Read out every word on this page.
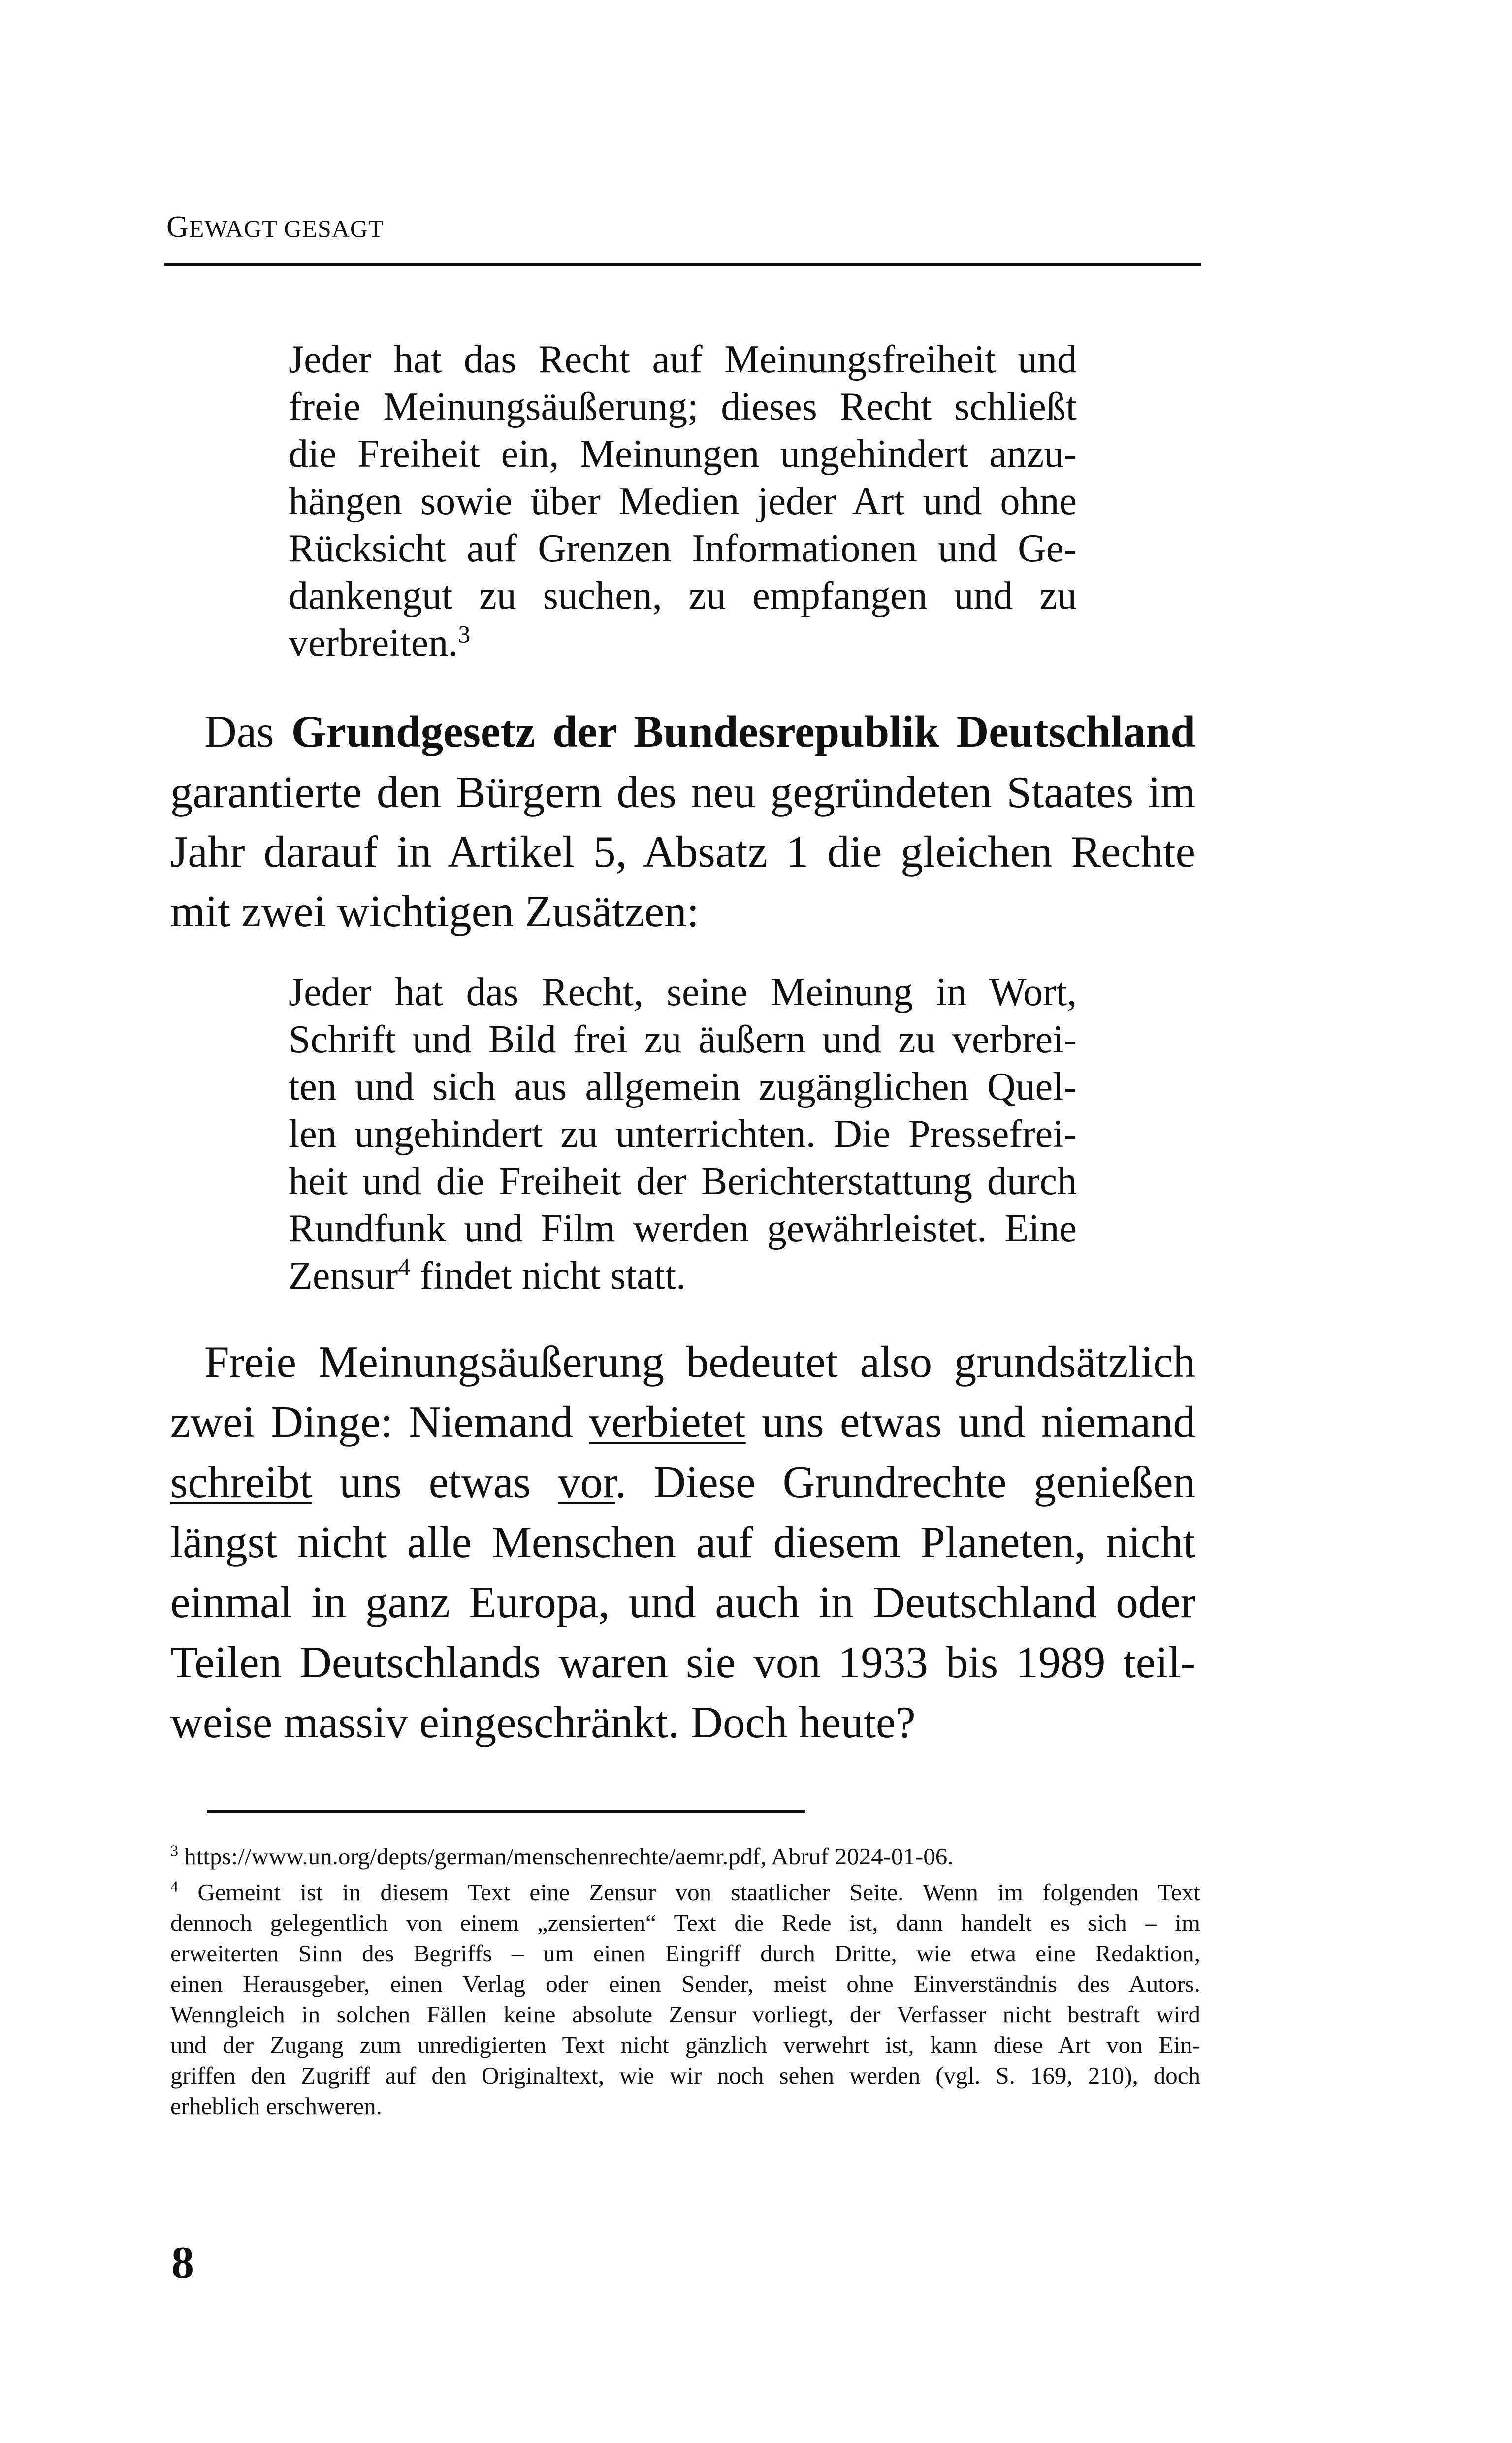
GEWAGT GESAGT
Jeder hat das Recht auf Meinungsfreiheit und
freie Meinungsäußerung; dieses Recht schließt
die Freiheit ein, Meinungen ungehindert anzu-
hängen sowie über Medien jeder Art und ohne
Rücksicht auf Grenzen Informationen und Ge-
dankengut zu suchen, zu empfangen und zu
verbreiten.$^3$
Das Grundgesetz der Bundesrepublik Deutschland
garantierte den Bürgern des neu gegründeten Staates im
Jahr darauf in Artikel 5, Absatz 1 die gleichen Rechte
mit zwei wichtigen Zusätzen:
Jeder hat das Recht, seine Meinung in Wort,
Schrift und Bild frei zu äußern und zu verbrei-
ten und sich aus allgemein zugänglichen Quel-
len ungehindert zu unterrichten. Die Pressefrei-
heit und die Freiheit der Berichterstattung durch
Rundfunk und Film werden gewährleistet. Eine
Zensur$^4$ findet nicht statt.
Freie Meinungsäußerung bedeutet also grundsätzlich
zwei Dinge: Niemand verbietet uns etwas und niemand
schreibt uns etwas vor. Diese Grundrechte genießen
längst nicht alle Menschen auf diesem Planeten, nicht
einmal in ganz Europa, und auch in Deutschland oder
Teilen Deutschlands waren sie von 1933 bis 1989 teil-
weise massiv eingeschränkt. Doch heute?
$^3$ https://www.un.org/depts/german/menschenrechte/aemr.pdf, Abruf 2024-01-06.
$^4$ Gemeint ist in diesem Text eine Zensur von staatlicher Seite. Wenn im folgenden Text
dennoch gelegentlich von einem „zensierten“ Text die Rede ist, dann handelt es sich – im
erweiterten Sinn des Begriffs – um einen Eingriff durch Dritte, wie etwa eine Redaktion,
einen Herausgeber, einen Verlag oder einen Sender, meist ohne Einverständnis des Autors.
Wenngleich in solchen Fällen keine absolute Zensur vorliegt, der Verfasser nicht bestraft wird
und der Zugang zum unredigierten Text nicht gänzlich verwehrt ist, kann diese Art von Ein-
griffen den Zugriff auf den Originaltext, wie wir noch sehen werden (vgl. S. 169, 210), doch
erheblich erschweren.
8
